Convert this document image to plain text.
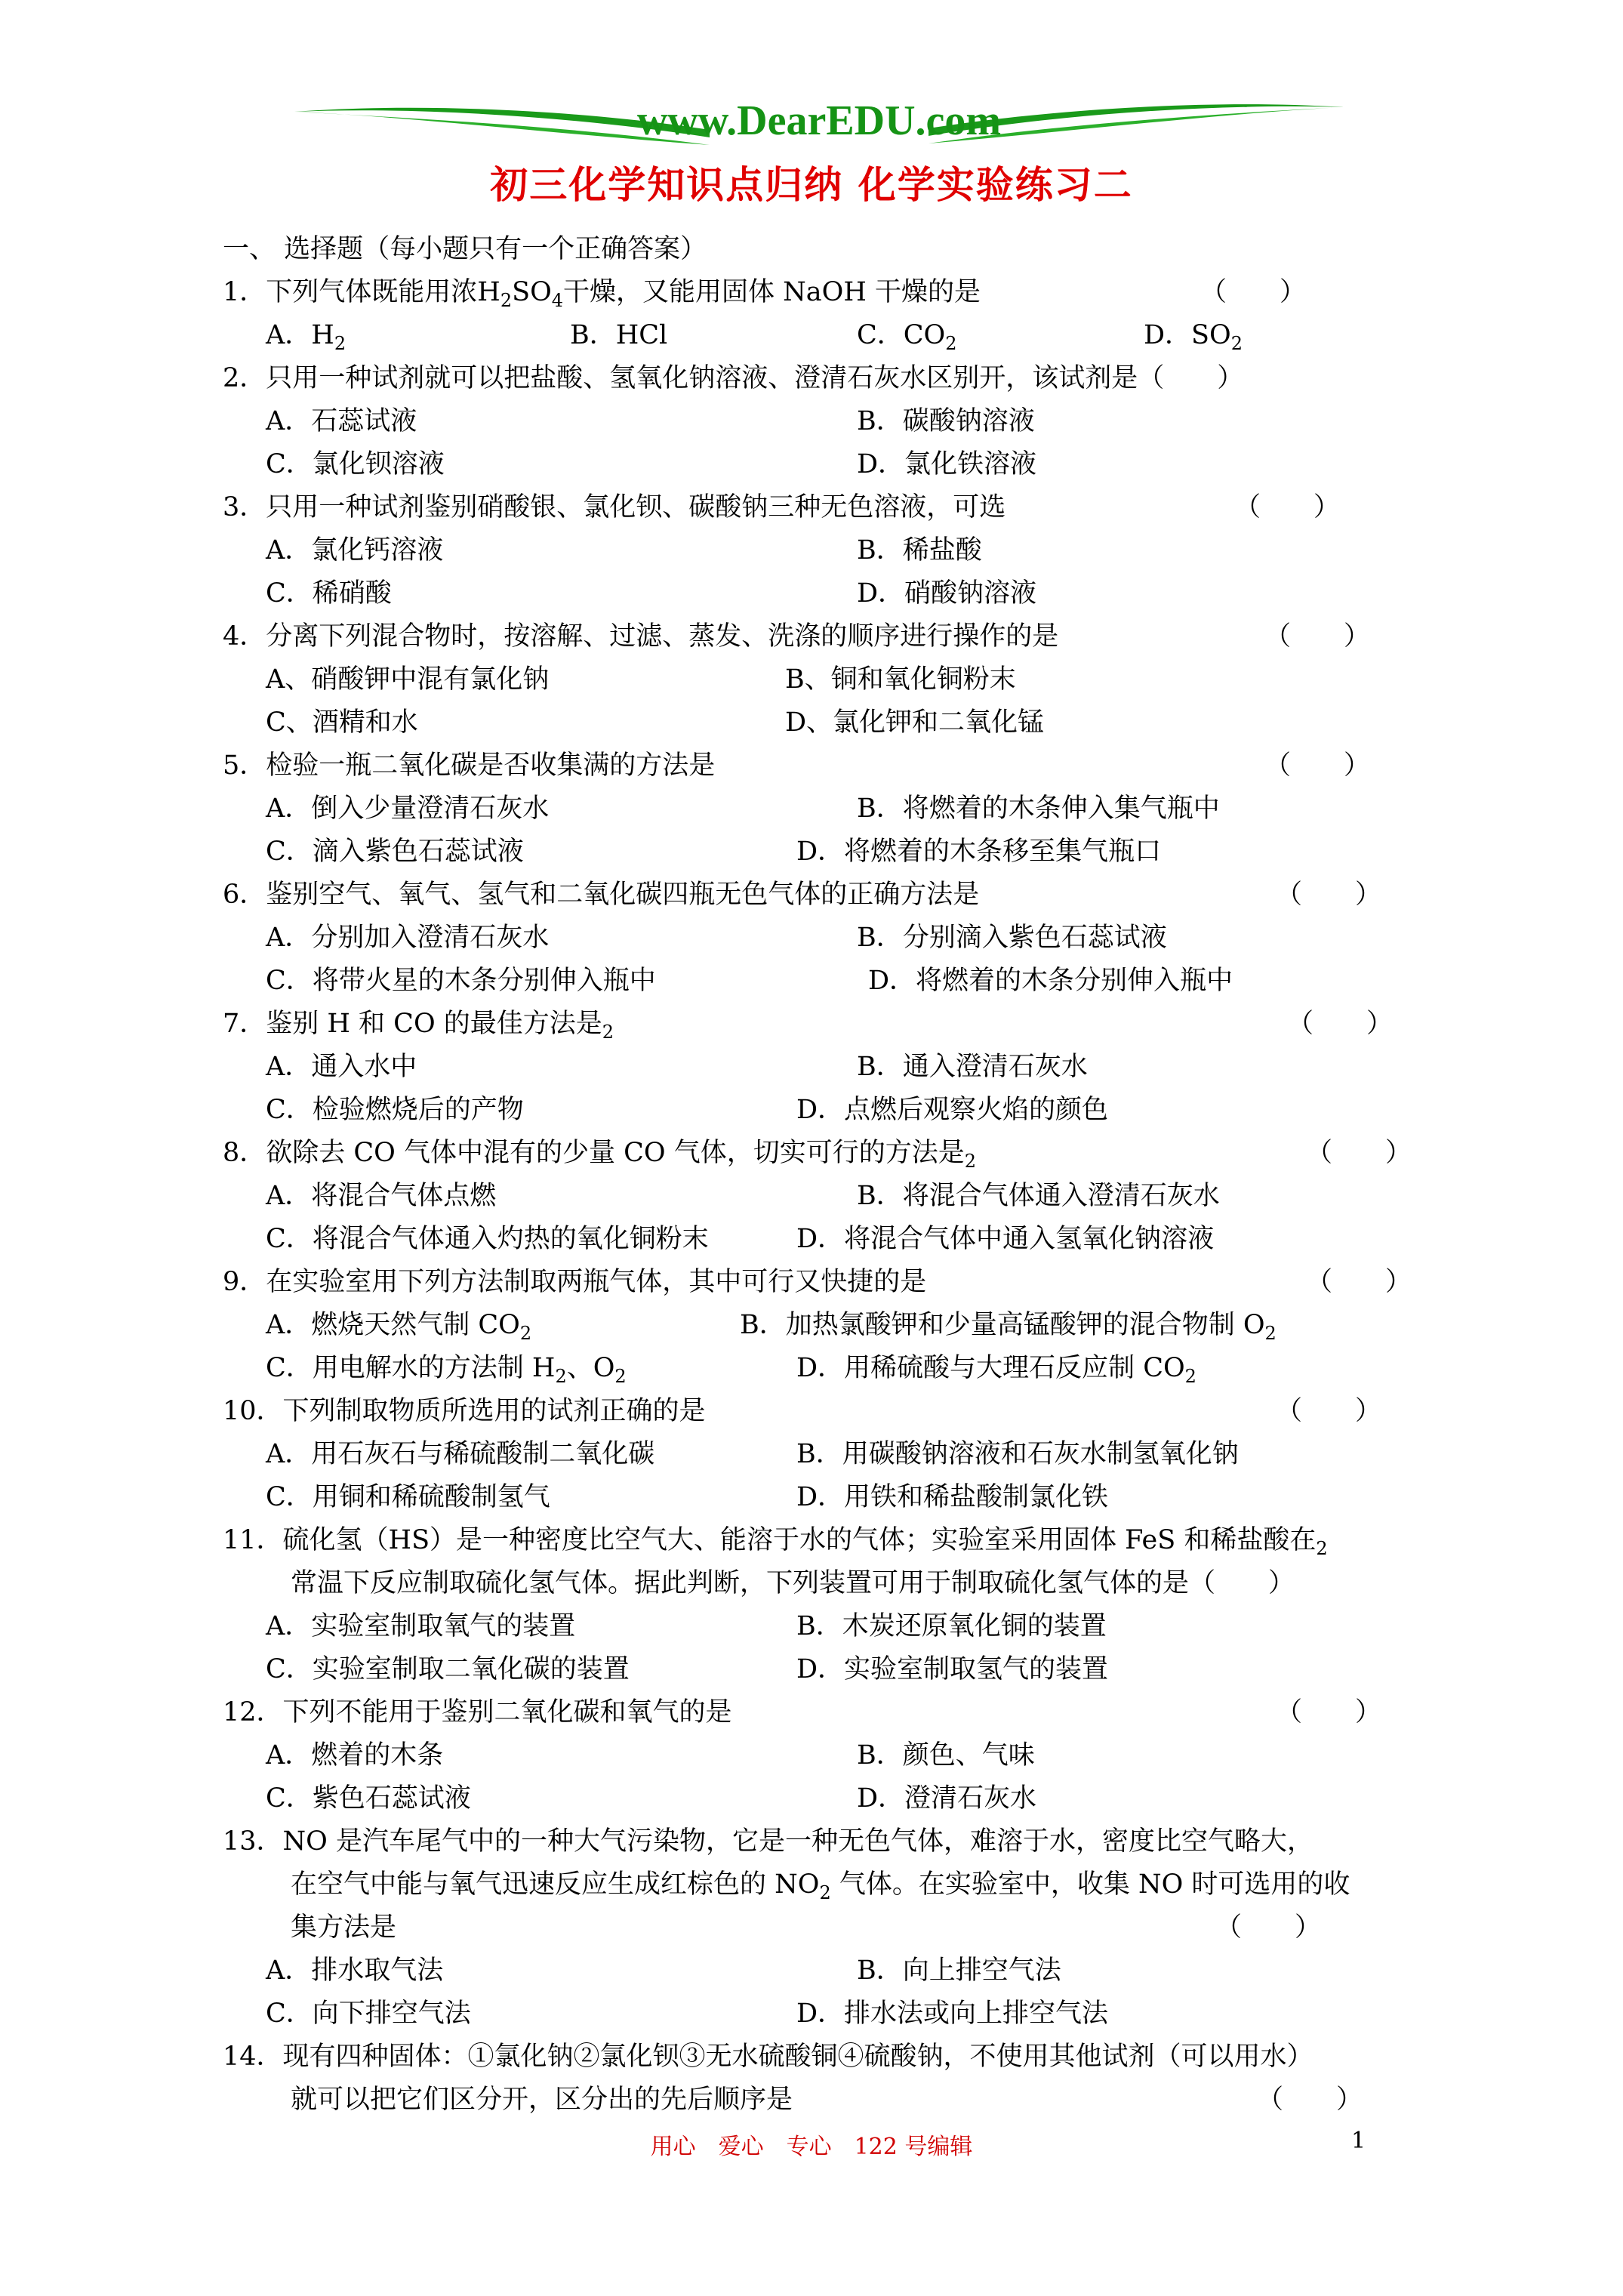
www.DearEDU.com
初三化学知识点归纳 化学实验练习二
一、 选择题（每小题只有一个正确答案）
1．下列气体既能用浓$H_2SO_4$干燥，又能用固体 NaOH 干燥的是	（　　）
A．$H_2$	B．HCl	C．$CO_2$	D．$SO_2$
2．只用一种试剂就可以把盐酸、氢氧化钠溶液、澄清石灰水区别开，该试剂是（　　）
A．石蕊试液	B．碳酸钠溶液
C．氯化钡溶液	D．氯化铁溶液
3．只用一种试剂鉴别硝酸银、氯化钡、碳酸钠三种无色溶液，可选	（　　）
A．氯化钙溶液	B．稀盐酸
C．稀硝酸	D．硝酸钠溶液
4．分离下列混合物时，按溶解、过滤、蒸发、洗涤的顺序进行操作的是	（　　）
A、硝酸钾中混有氯化钠	B、铜和氧化铜粉末
C、酒精和水	D、氯化钾和二氧化锰
5．检验一瓶二氧化碳是否收集满的方法是	（　　）
A．倒入少量澄清石灰水	B．将燃着的木条伸入集气瓶中
C．滴入紫色石蕊试液	D．将燃着的木条移至集气瓶口
6．鉴别空气、氧气、氢气和二氧化碳四瓶无色气体的正确方法是	（　　）
A．分别加入澄清石灰水	B．分别滴入紫色石蕊试液
C．将带火星的木条分别伸入瓶中	D．将燃着的木条分别伸入瓶中
7．鉴别 H 和 CO 的最佳方法是$_2$	（　　）
A．通入水中	B．通入澄清石灰水
C．检验燃烧后的产物	D．点燃后观察火焰的颜色
8．欲除去 CO 气体中混有的少量 CO 气体，切实可行的方法是$_2$	（　　）
A．将混合气体点燃	B．将混合气体通入澄清石灰水
C．将混合气体通入灼热的氧化铜粉末	D．将混合气体中通入氢氧化钠溶液
9．在实验室用下列方法制取两瓶气体，其中可行又快捷的是	（　　）
A．燃烧天然气制 $CO_2$	B．加热氯酸钾和少量高锰酸钾的混合物制 $O_2$
C．用电解水的方法制 $H_2$、$O_2$	D．用稀硫酸与大理石反应制 $CO_2$
10．下列制取物质所选用的试剂正确的是	（　　）
A．用石灰石与稀硫酸制二氧化碳	B．用碳酸钠溶液和石灰水制氢氧化钠
C．用铜和稀硫酸制氢气	D．用铁和稀盐酸制氯化铁
11．硫化氢（HS）是一种密度比空气大、能溶于水的气体；实验室采用固体 FeS 和稀盐酸在$_2$
常温下反应制取硫化氢气体。据此判断，下列装置可用于制取硫化氢气体的是（　　）
A．实验室制取氧气的装置	B．木炭还原氧化铜的装置
C．实验室制取二氧化碳的装置	D．实验室制取氢气的装置
12．下列不能用于鉴别二氧化碳和氧气的是	（　　）
A．燃着的木条	B．颜色、气味
C．紫色石蕊试液	D．澄清石灰水
13．NO 是汽车尾气中的一种大气污染物，它是一种无色气体，难溶于水，密度比空气略大，
在空气中能与氧气迅速反应生成红棕色的 $NO_2$ 气体。在实验室中，收集 NO 时可选用的收
集方法是	（　　）
A．排水取气法	B．向上排空气法
C．向下排空气法	D．排水法或向上排空气法
14．现有四种固体：①氯化钠②氯化钡③无水硫酸铜④硫酸钠，不使用其他试剂（可以用水）
就可以把它们区分开，区分出的先后顺序是	（　　）
用心　爱心　专心　122 号编辑	1
